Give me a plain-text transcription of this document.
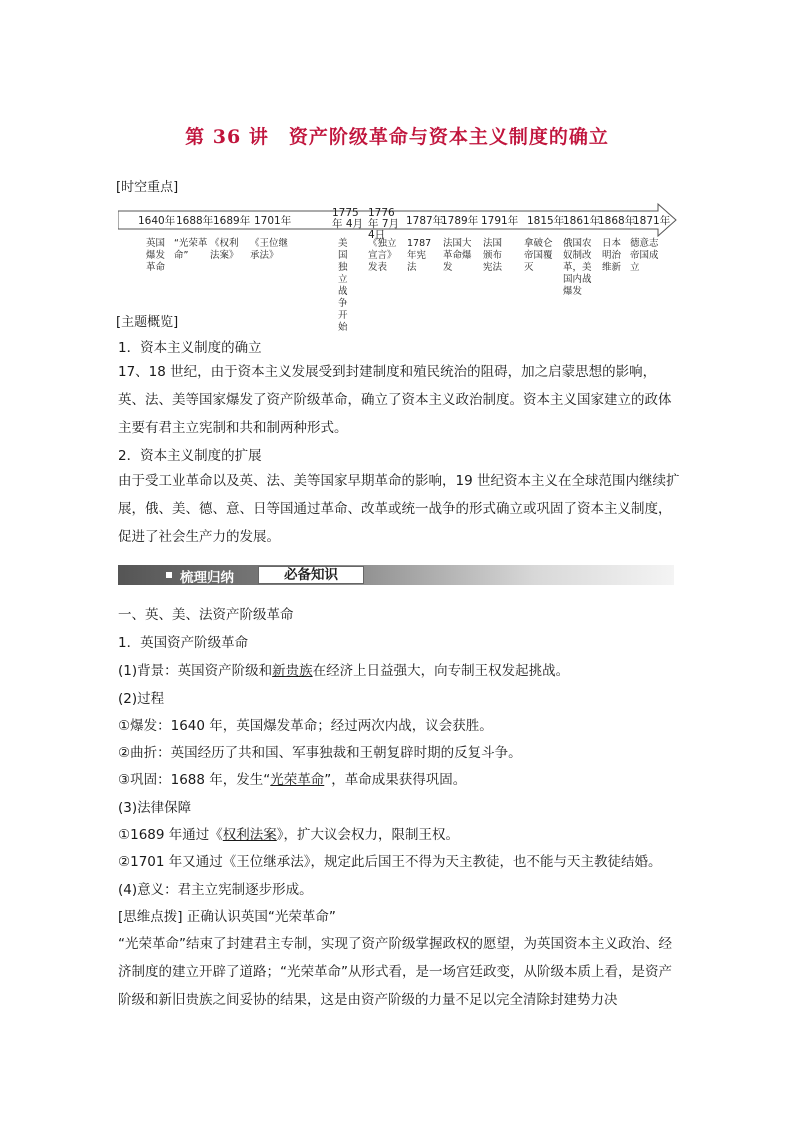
第 36 讲　资产阶级革命与资本主义制度的确立
[时空重点]
1640年 1688年 1689年 1701年
1775年 4月
1776年 7月4日
1787年
1789年 1791年 1815年
1861年
1868年
1871年
英国爆发革命
“光荣革命”
《权利法案》
《王位继承法》
美国独立战争开始
《独立宣言》发表
1787年宪法
法国大革命爆发
法国颁布宪法
拿破仑帝国覆灭
俄国农奴制改革，美国内战爆发
日本明治维新
德意志帝国成立
[主题概览]
1．资本主义制度的确立
17、18 世纪，由于资本主义发展受到封建制度和殖民统治的阻碍，加之启蒙思想的影响，英、法、美等国家爆发了资产阶级革命，确立了资本主义政治制度。资本主义国家建立的政体主要有君主立宪制和共和制两种形式。
2．资本主义制度的扩展
由于受工业革命以及英、法、美等国家早期革命的影响，19 世纪资本主义在全球范围内继续扩展，俄、美、德、意、日等国通过革命、改革或统一战争的形式确立或巩固了资本主义制度，促进了社会生产力的发展。
梳理归纳	必备知识
一、英、美、法资产阶级革命
1．英国资产阶级革命
(1)背景：英国资产阶级和新贵族在经济上日益强大，向专制王权发起挑战。
(2)过程
①爆发：1640 年，英国爆发革命；经过两次内战，议会获胜。
②曲折：英国经历了共和国、军事独裁和王朝复辟时期的反复斗争。
③巩固：1688 年，发生“光荣革命”，革命成果获得巩固。
(3)法律保障
①1689 年通过《权利法案》，扩大议会权力，限制王权。
②1701 年又通过《王位继承法》，规定此后国王不得为天主教徒，也不能与天主教徒结婚。
(4)意义：君主立宪制逐步形成。
[思维点拨] 正确认识英国“光荣革命”
“光荣革命”结束了封建君主专制，实现了资产阶级掌握政权的愿望，为英国资本主义政治、经济制度的建立开辟了道路；“光荣革命”从形式看，是一场宫廷政变，从阶级本质上看，是资产阶级和新旧贵族之间妥协的结果，这是由资产阶级的力量不足以完全清除封建势力决
